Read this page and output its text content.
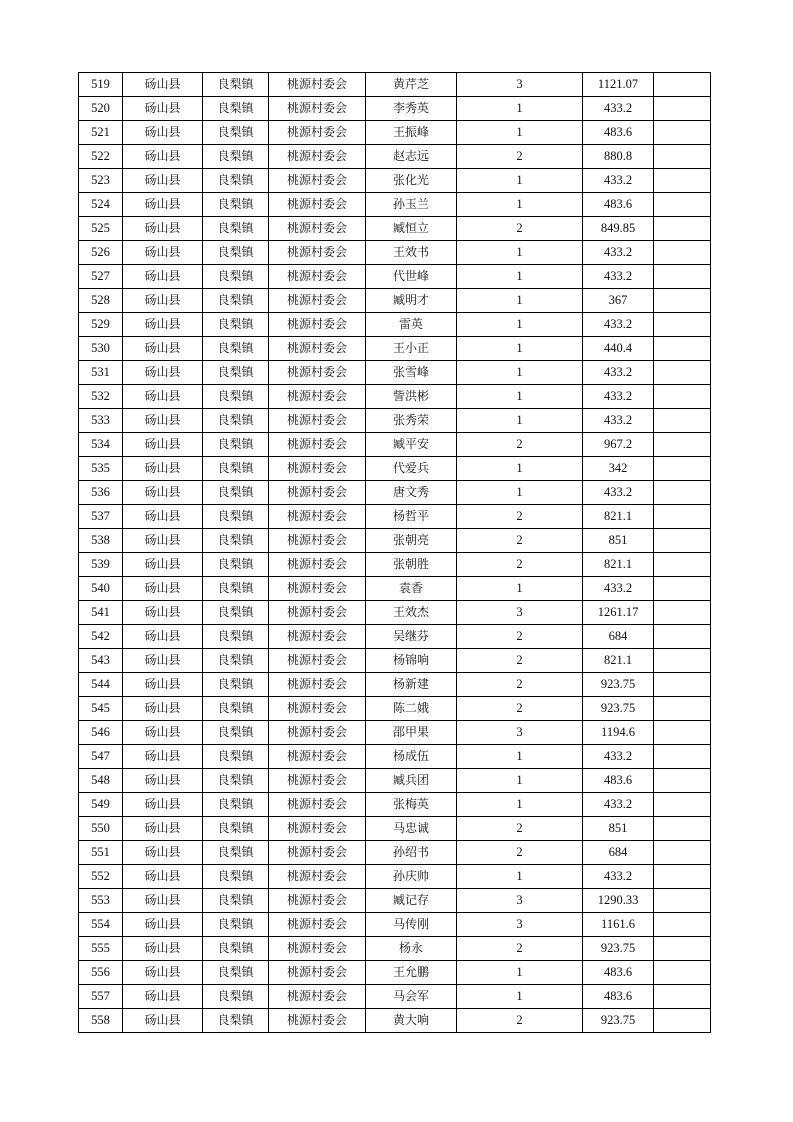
519	砀山县	良梨镇	桃源村委会	黄芹芝	3	1121.07	
520	砀山县	良梨镇	桃源村委会	李秀英	1	433.2	
521	砀山县	良梨镇	桃源村委会	王振峰	1	483.6	
522	砀山县	良梨镇	桃源村委会	赵志远	2	880.8	
523	砀山县	良梨镇	桃源村委会	张化光	1	433.2	
524	砀山县	良梨镇	桃源村委会	孙玉兰	1	483.6	
525	砀山县	良梨镇	桃源村委会	臧恒立	2	849.85	
526	砀山县	良梨镇	桃源村委会	王效书	1	433.2	
527	砀山县	良梨镇	桃源村委会	代世峰	1	433.2	
528	砀山县	良梨镇	桃源村委会	臧明才	1	367	
529	砀山县	良梨镇	桃源村委会	雷英	1	433.2	
530	砀山县	良梨镇	桃源村委会	王小正	1	440.4	
531	砀山县	良梨镇	桃源村委会	张雪峰	1	433.2	
532	砀山县	良梨镇	桃源村委会	訾洪彬	1	433.2	
533	砀山县	良梨镇	桃源村委会	张秀荣	1	433.2	
534	砀山县	良梨镇	桃源村委会	臧平安	2	967.2	
535	砀山县	良梨镇	桃源村委会	代爱兵	1	342	
536	砀山县	良梨镇	桃源村委会	唐文秀	1	433.2	
537	砀山县	良梨镇	桃源村委会	杨哲平	2	821.1	
538	砀山县	良梨镇	桃源村委会	张朝亮	2	851	
539	砀山县	良梨镇	桃源村委会	张朝胜	2	821.1	
540	砀山县	良梨镇	桃源村委会	袁香	1	433.2	
541	砀山县	良梨镇	桃源村委会	王效杰	3	1261.17	
542	砀山县	良梨镇	桃源村委会	吴继芬	2	684	
543	砀山县	良梨镇	桃源村委会	杨锦响	2	821.1	
544	砀山县	良梨镇	桃源村委会	杨新建	2	923.75	
545	砀山县	良梨镇	桃源村委会	陈二娥	2	923.75	
546	砀山县	良梨镇	桃源村委会	邵甲果	3	1194.6	
547	砀山县	良梨镇	桃源村委会	杨成伍	1	433.2	
548	砀山县	良梨镇	桃源村委会	臧兵团	1	483.6	
549	砀山县	良梨镇	桃源村委会	张梅英	1	433.2	
550	砀山县	良梨镇	桃源村委会	马忠诚	2	851	
551	砀山县	良梨镇	桃源村委会	孙绍书	2	684	
552	砀山县	良梨镇	桃源村委会	孙庆帅	1	433.2	
553	砀山县	良梨镇	桃源村委会	臧记存	3	1290.33	
554	砀山县	良梨镇	桃源村委会	马传刚	3	1161.6	
555	砀山县	良梨镇	桃源村委会	杨永	2	923.75	
556	砀山县	良梨镇	桃源村委会	王允鹏	1	483.6	
557	砀山县	良梨镇	桃源村委会	马会军	1	483.6	
558	砀山县	良梨镇	桃源村委会	黄大响	2	923.75	
